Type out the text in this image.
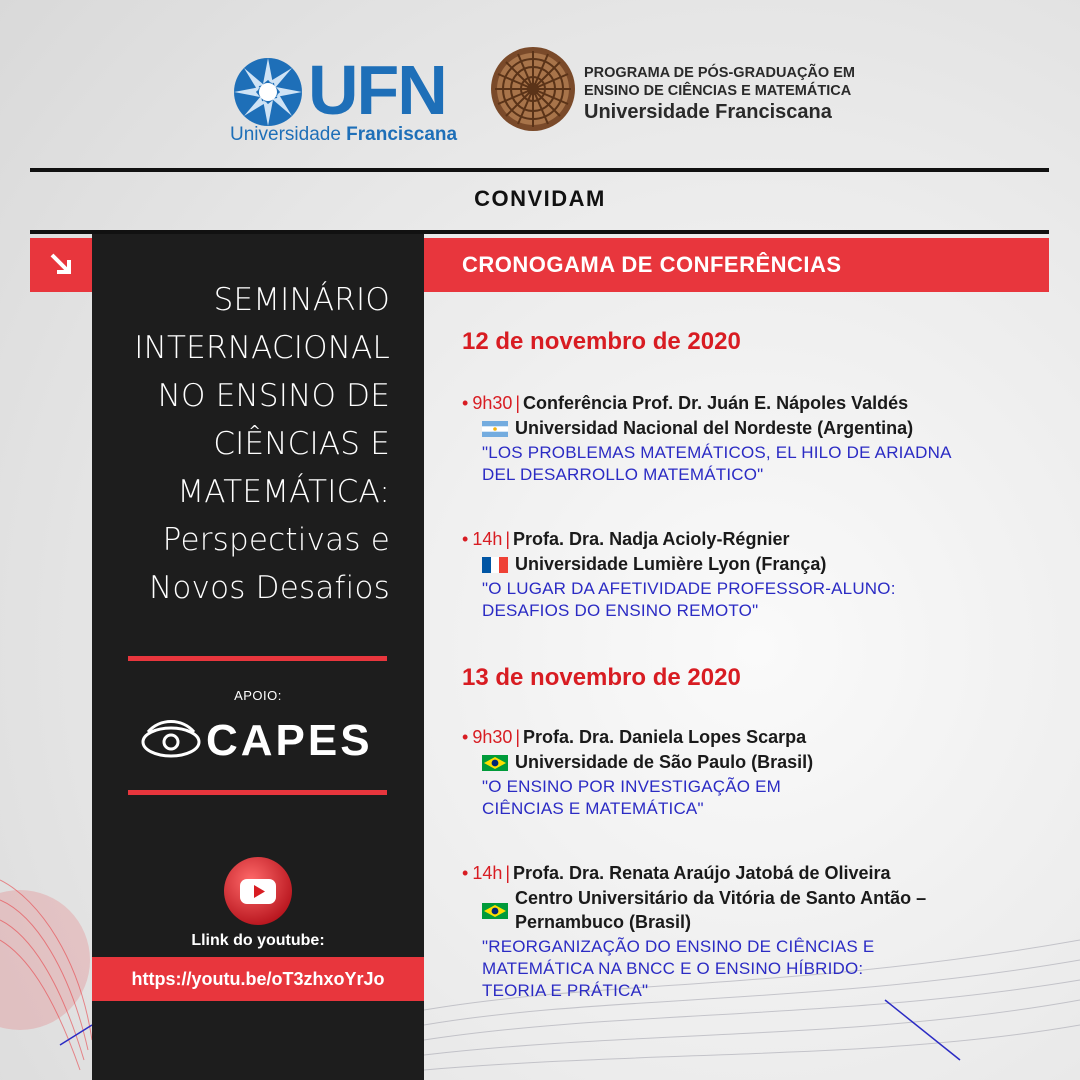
UFN
Universidade Franciscana
PROGRAMA DE PÓS-GRADUAÇÃO EM
ENSINO DE CIÊNCIAS E MATEMÁTICA
Universidade Franciscana
CONVIDAM
SEMINÁRIO
INTERNACIONAL
NO ENSINO DE
CIÊNCIAS E
MATEMÁTICA:
Perspectivas e
Novos Desafios
APOIO:
CAPES
Llink do youtube:
https://youtu.be/oT3zhxoYrJo
CRONOGAMA DE CONFERÊNCIAS
12 de novembro de 2020
• 9h30 | Conferência Prof. Dr. Juán E. Nápoles Valdés
Universidad Nacional del Nordeste (Argentina)
"LOS PROBLEMAS MATEMÁTICOS, EL HILO DE ARIADNA
DEL DESARROLLO MATEMÁTICO"
• 14h | Profa. Dra. Nadja Acioly-Régnier
Universidade Lumière Lyon (França)
"O LUGAR DA AFETIVIDADE PROFESSOR-ALUNO:
DESAFIOS DO ENSINO REMOTO"
13 de novembro de 2020
• 9h30 | Profa. Dra. Daniela Lopes Scarpa
Universidade de São Paulo (Brasil)
"O ENSINO POR INVESTIGAÇÃO EM
CIÊNCIAS E MATEMÁTICA"
• 14h | Profa. Dra. Renata Araújo Jatobá de Oliveira
Centro Universitário da Vitória de Santo Antão –
Pernambuco (Brasil)
"REORGANIZAÇÃO DO ENSINO DE CIÊNCIAS E
MATEMÁTICA NA BNCC E O ENSINO HÍBRIDO:
TEORIA E PRÁTICA"
